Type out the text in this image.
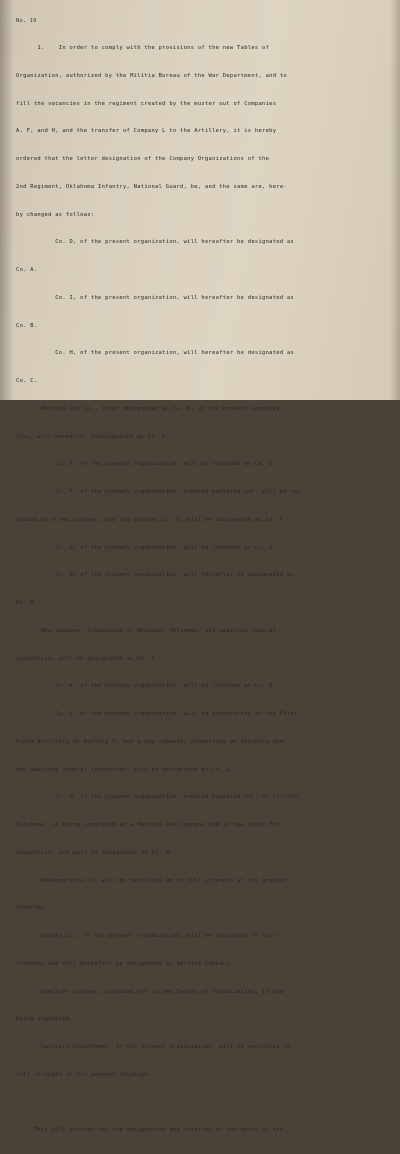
No. 10

1.    In order to comply with the provisions of the new Tables of

Organization, authorized by the Militia Bureau of the War Department, and to

fill the vacancies in the regiment created by the muster out of Companies

A, F, and H, and the transfer of Company L to the Artillery, it is hereby

ordered that the letter designation of the Company Organizations of the

2nd Regiment, Oklahoma Infantry, National Guard, be, and the same are, here-

by changed as follows:

Co. D, of the present organization, will hereafter be designated as

Co. A.

Co. I, of the present organization, will hereafter be designated as

Co. B.

Co. H, of the present organization, will hereafter be designated as

Co. C.

Machine Gun Co., later designated as Co. M, of the present organiza-

tion, will hereafter bedesignated as Co. D.

Co. E, of the present organization, will be retained as Co. E.

Co. F, of the present organization, ordered mustered out, will be re-

placed by a new company, and the present Co. C, will be designated as Co. F.

Co. G, of the present organization, will be retained as Co. G.

Co. B, of the present organization, will hereafter be designated as

Co. H.

New company, organizing at Wetumka, Oklahoma, and awaiting federal

inspection, will be designated as Co. I.

Co. K, of the present organization, will be retained as Co. K.

Co. L, of the present organization, will be transferred to the First

Field Artillery as Battery E, and a new company, organizing at Seminole and

now awaiting federal inspection, will be designated as Co. L.

Co. M, of the present organization, ordered mustered out, at Clinton,

Oklahoma, is being organized as a Machine Gun Company and is now ready for

inspection, and will be designated as Co. M.

Headquarters Co. will be recruited up to full strength at its present

location.

Supply Co., of the present organization, will be recruited to full

strength and will hereafter be designated as Service Company.

Howitzer Company, provided for in new Tables of Organization, is now

being organized.

Sanitary Detachment, or the present organization, will be recruited to

full strength at its present location.

This will provide for the designation and location of the units of the
